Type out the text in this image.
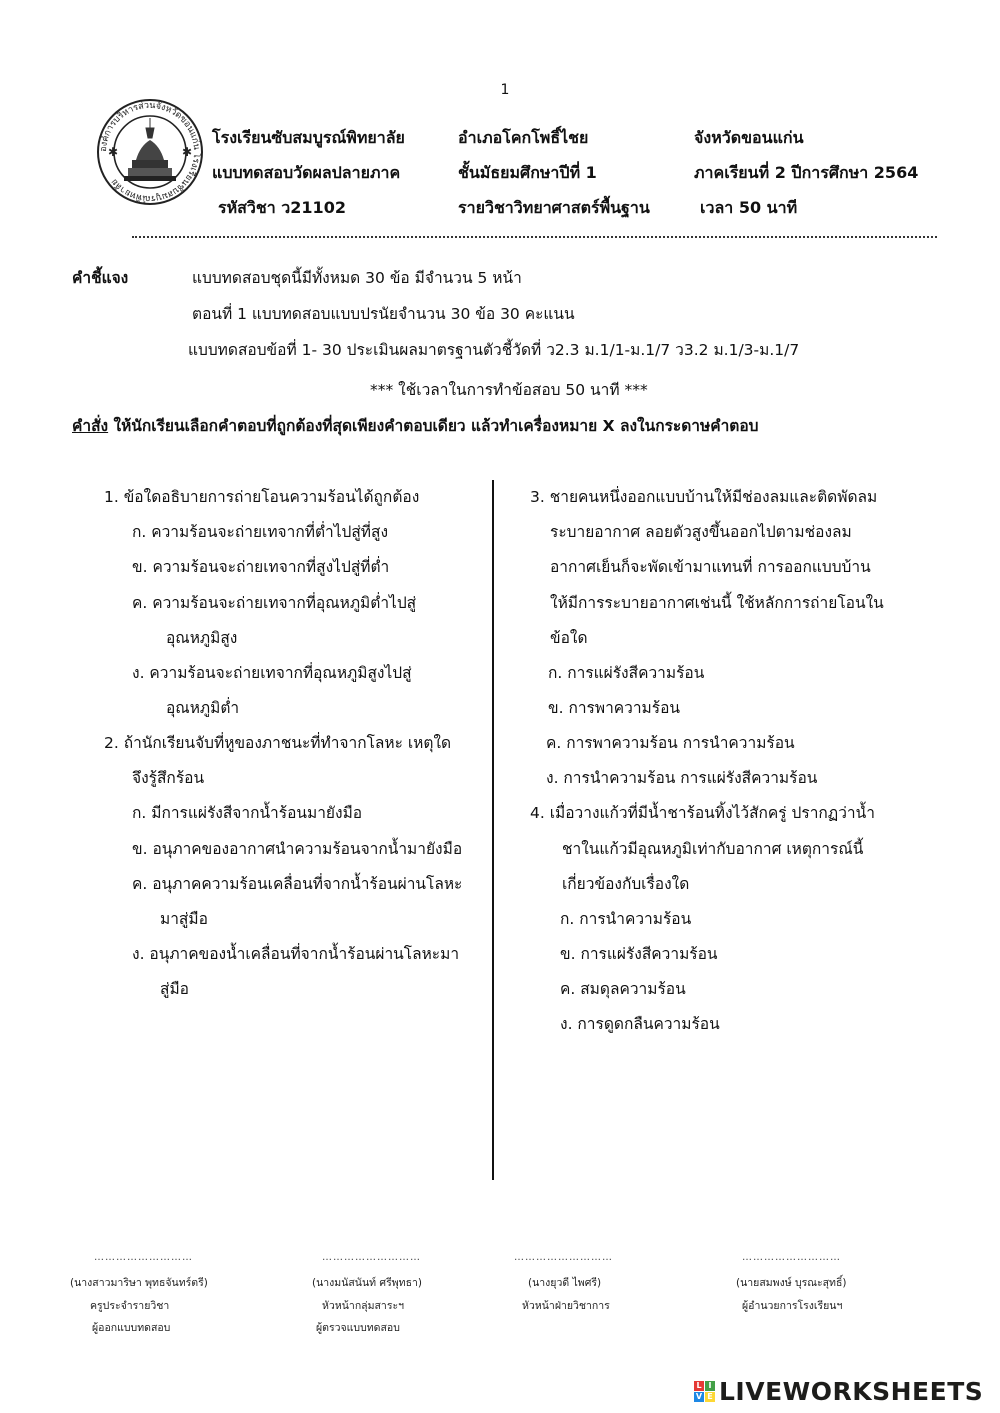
1
องค์การบริหารส่วนจังหวัดขอนแก่น โรงเรียนซับสมบูรณ์พิทยาลัย
✱	✱
โรงเรียนซับสมบูรณ์พิทยาลัย	อำเภอโคกโพธิ์ไชย	จังหวัดขอนแก่น
แบบทดสอบวัดผลปลายภาค	ชั้นมัธยมศึกษาปีที่ 1	ภาคเรียนที่ 2 ปีการศึกษา 2564
รหัสวิชา ว21102	รายวิชาวิทยาศาสตร์พื้นฐาน	เวลา 50 นาที
คำชี้แจง	แบบทดสอบชุดนี้มีทั้งหมด 30 ข้อ มีจำนวน 5 หน้า
ตอนที่ 1 แบบทดสอบแบบปรนัยจำนวน 30 ข้อ 30 คะแนน
แบบทดสอบข้อที่ 1- 30 ประเมินผลมาตรฐานตัวชี้วัดที่ ว2.3 ม.1/1-ม.1/7 ว3.2 ม.1/3-ม.1/7
*** ใช้เวลาในการทำข้อสอบ 50 นาที ***
คำสั่ง ให้นักเรียนเลือกคำตอบที่ถูกต้องที่สุดเพียงคำตอบเดียว แล้วทำเครื่องหมาย X ลงในกระดาษคำตอบ
1. ข้อใดอธิบายการถ่ายโอนความร้อนได้ถูกต้อง
ก. ความร้อนจะถ่ายเทจากที่ต่ำไปสู่ที่สูง
ข. ความร้อนจะถ่ายเทจากที่สูงไปสู่ที่ต่ำ
ค. ความร้อนจะถ่ายเทจากที่อุณหภูมิต่ำไปสู่
อุณหภูมิสูง
ง. ความร้อนจะถ่ายเทจากที่อุณหภูมิสูงไปสู่
อุณหภูมิต่ำ
2. ถ้านักเรียนจับที่หูของภาชนะที่ทำจากโลหะ เหตุใด
จึงรู้สึกร้อน
ก. มีการแผ่รังสีจากน้ำร้อนมายังมือ
ข. อนุภาคของอากาศนำความร้อนจากน้ำมายังมือ
ค. อนุภาคความร้อนเคลื่อนที่จากน้ำร้อนผ่านโลหะ
มาสู่มือ
ง. อนุภาคของน้ำเคลื่อนที่จากน้ำร้อนผ่านโลหะมา
สู่มือ
3. ชายคนหนึ่งออกแบบบ้านให้มีช่องลมและติดพัดลม
ระบายอากาศ ลอยตัวสูงขึ้นออกไปตามช่องลม
อากาศเย็นก็จะพัดเข้ามาแทนที่ การออกแบบบ้าน
ให้มีการระบายอากาศเช่นนี้ ใช้หลักการถ่ายโอนใน
ข้อใด
ก. การแผ่รังสีความร้อน
ข. การพาความร้อน
ค. การพาความร้อน การนำความร้อน
ง. การนำความร้อน การแผ่รังสีความร้อน
4. เมื่อวางแก้วที่มีน้ำชาร้อนทิ้งไว้สักครู่ ปรากฏว่าน้ำ
ชาในแก้วมีอุณหภูมิเท่ากับอากาศ เหตุการณ์นี้
เกี่ยวข้องกับเรื่องใด
ก. การนำความร้อน
ข. การแผ่รังสีความร้อน
ค. สมดุลความร้อน
ง. การดูดกลืนความร้อน
………………………
(นางสาวมาริษา พุทธจันทร์ตรี)
ครูประจำรายวิชา
ผู้ออกแบบทดสอบ
………………………
(นางมนัสนันท์ ศรีพุทธา)
หัวหน้ากลุ่มสาระฯ
ผู้ตรวจแบบทดสอบ
………………………
(นางยุวดี ไพศรี)
หัวหน้าฝ่ายวิชาการ
………………………
(นายสมพงษ์ บุรณะสุทธิ์)
ผู้อำนวยการโรงเรียนฯ
L I
V E LIVEWORKSHEETS
